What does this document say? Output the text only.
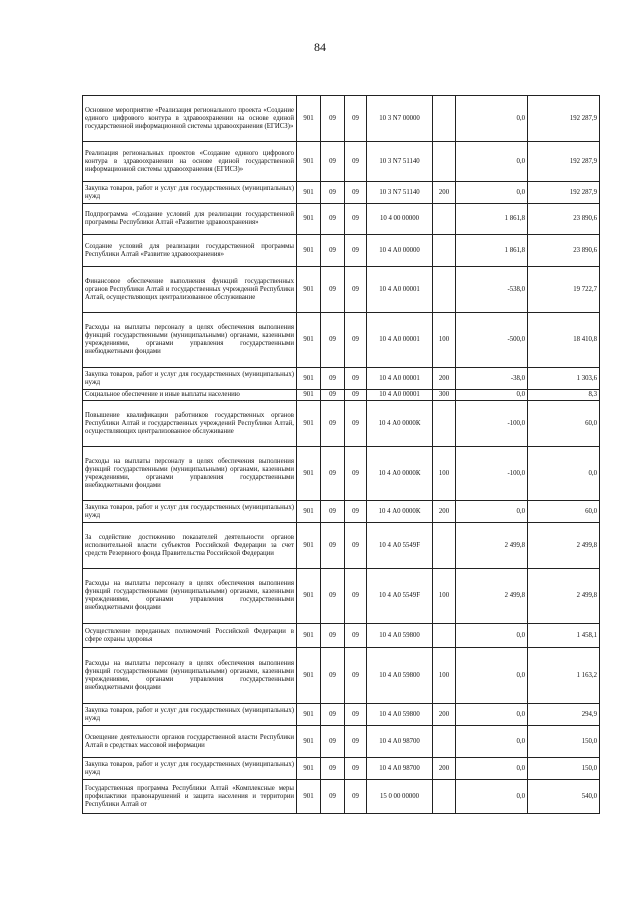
84
Основное мероприятие «Реализация регионального проекта «Создание единого цифрового контура в здравоохранении на основе единой государственной информационной системы здравоохранения (ЕГИСЗ)»	901	09	09	10 3 N7 00000		0,0	192 287,9
Реализация региональных проектов «Создание единого цифрового контура в здравоохранении на основе единой государственной информационной системы здравоохранения (ЕГИСЗ)»	901	09	09	10 3 N7 51140		0,0	192 287,9
Закупка товаров, работ и услуг для государственных (муниципальных) нужд	901	09	09	10 3 N7 51140	200	0,0	192 287,9
Подпрограмма «Создание условий для реализации государственной программы Республики Алтай «Развитие здравоохранения»	901	09	09	10 4 00 00000		1 861,8	23 890,6
Создание условий для реализации государственной программы Республики Алтай «Развитие здравоохранения»	901	09	09	10 4 А0 00000		1 861,8	23 890,6
Финансовое обеспечение выполнения функций государственных органов Республики Алтай и государственных учреждений Республики Алтай, осуществляющих централизованное обслуживание	901	09	09	10 4 А0 00001		-538,0	19 722,7
Расходы на выплаты персоналу в целях обеспечения выполнения функций государственными (муниципальными) органами, казенными учреждениями, органами управления государственными внебюджетными фондами	901	09	09	10 4 А0 00001	100	-500,0	18 410,8
Закупка товаров, работ и услуг для государственных (муниципальных) нужд	901	09	09	10 4 А0 00001	200	-38,0	1 303,6
Социальное обеспечение и иные выплаты населению	901	09	09	10 4 А0 00001	300	0,0	8,3
Повышение квалификации работников государственных органов Республики Алтай и государственных учреждений Республики Алтай, осуществляющих централизованное обслуживание	901	09	09	10 4 А0 0000К		-100,0	60,0
Расходы на выплаты персоналу в целях обеспечения выполнения функций государственными (муниципальными) органами, казенными учреждениями, органами управления государственными внебюджетными фондами	901	09	09	10 4 А0 0000К	100	-100,0	0,0
Закупка товаров, работ и услуг для государственных (муниципальных) нужд	901	09	09	10 4 А0 0000К	200	0,0	60,0
За содействие достижению показателей деятельности органов исполнительной власти субъектов Российской Федерации за счет средств Резервного фонда Правительства Российской Федерации	901	09	09	10 4 А0 5549F		2 499,8	2 499,8
Расходы на выплаты персоналу в целях обеспечения выполнения функций государственными (муниципальными) органами, казенными учреждениями, органами управления государственными внебюджетными фондами	901	09	09	10 4 А0 5549F	100	2 499,8	2 499,8
Осуществление переданных полномочий Российской Федерации в сфере охраны здоровья	901	09	09	10 4 А0 59800		0,0	1 458,1
Расходы на выплаты персоналу в целях обеспечения выполнения функций государственными (муниципальными) органами, казенными учреждениями, органами управления государственными внебюджетными фондами	901	09	09	10 4 А0 59800	100	0,0	1 163,2
Закупка товаров, работ и услуг для государственных (муниципальных) нужд	901	09	09	10 4 А0 59800	200	0,0	294,9
Освещение деятельности органов государственной власти Республики Алтай в средствах массовой информации	901	09	09	10 4 А0 98700		0,0	150,0
Закупка товаров, работ и услуг для государственных (муниципальных) нужд	901	09	09	10 4 А0 98700	200	0,0	150,0
Государственная программа Республики Алтай «Комплексные меры профилактики правонарушений и защита населения и территории Республики Алтай от	901	09	09	15 0 00 00000		0,0	540,0
